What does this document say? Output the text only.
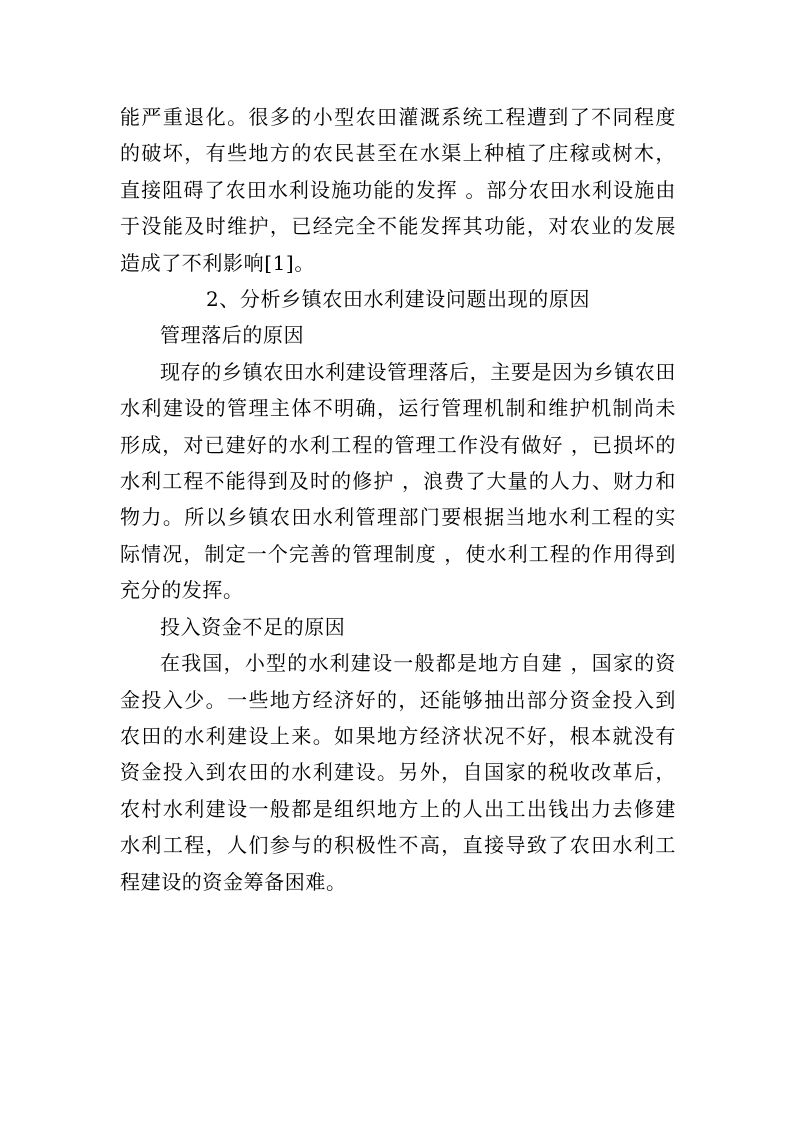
能严重退化。很多的小型农田灌溉系统工程遭到了不同程度的破坏，有些地方的农民甚至在水渠上种植了庄稼或树木，直接阻碍了农田水利设施功能的发挥 。部分农田水利设施由于没能及时维护，已经完全不能发挥其功能，对农业的发展造成了不利影响[1]。

2、分析乡镇农田水利建设问题出现的原因

管理落后的原因

现存的乡镇农田水利建设管理落后，主要是因为乡镇农田水利建设的管理主体不明确，运行管理机制和维护机制尚未形成，对已建好的水利工程的管理工作没有做好 ，已损坏的水利工程不能得到及时的修护 ，浪费了大量的人力、财力和物力。所以乡镇农田水利管理部门要根据当地水利工程的实际情况，制定一个完善的管理制度 ，使水利工程的作用得到充分的发挥。

投入资金不足的原因

在我国，小型的水利建设一般都是地方自建 ，国家的资金投入少。一些地方经济好的，还能够抽出部分资金投入到农田的水利建设上来。如果地方经济状况不好，根本就没有资金投入到农田的水利建设。另外，自国家的税收改革后，农村水利建设一般都是组织地方上的人出工出钱出力去修建水利工程，人们参与的积极性不高，直接导致了农田水利工程建设的资金筹备困难。
